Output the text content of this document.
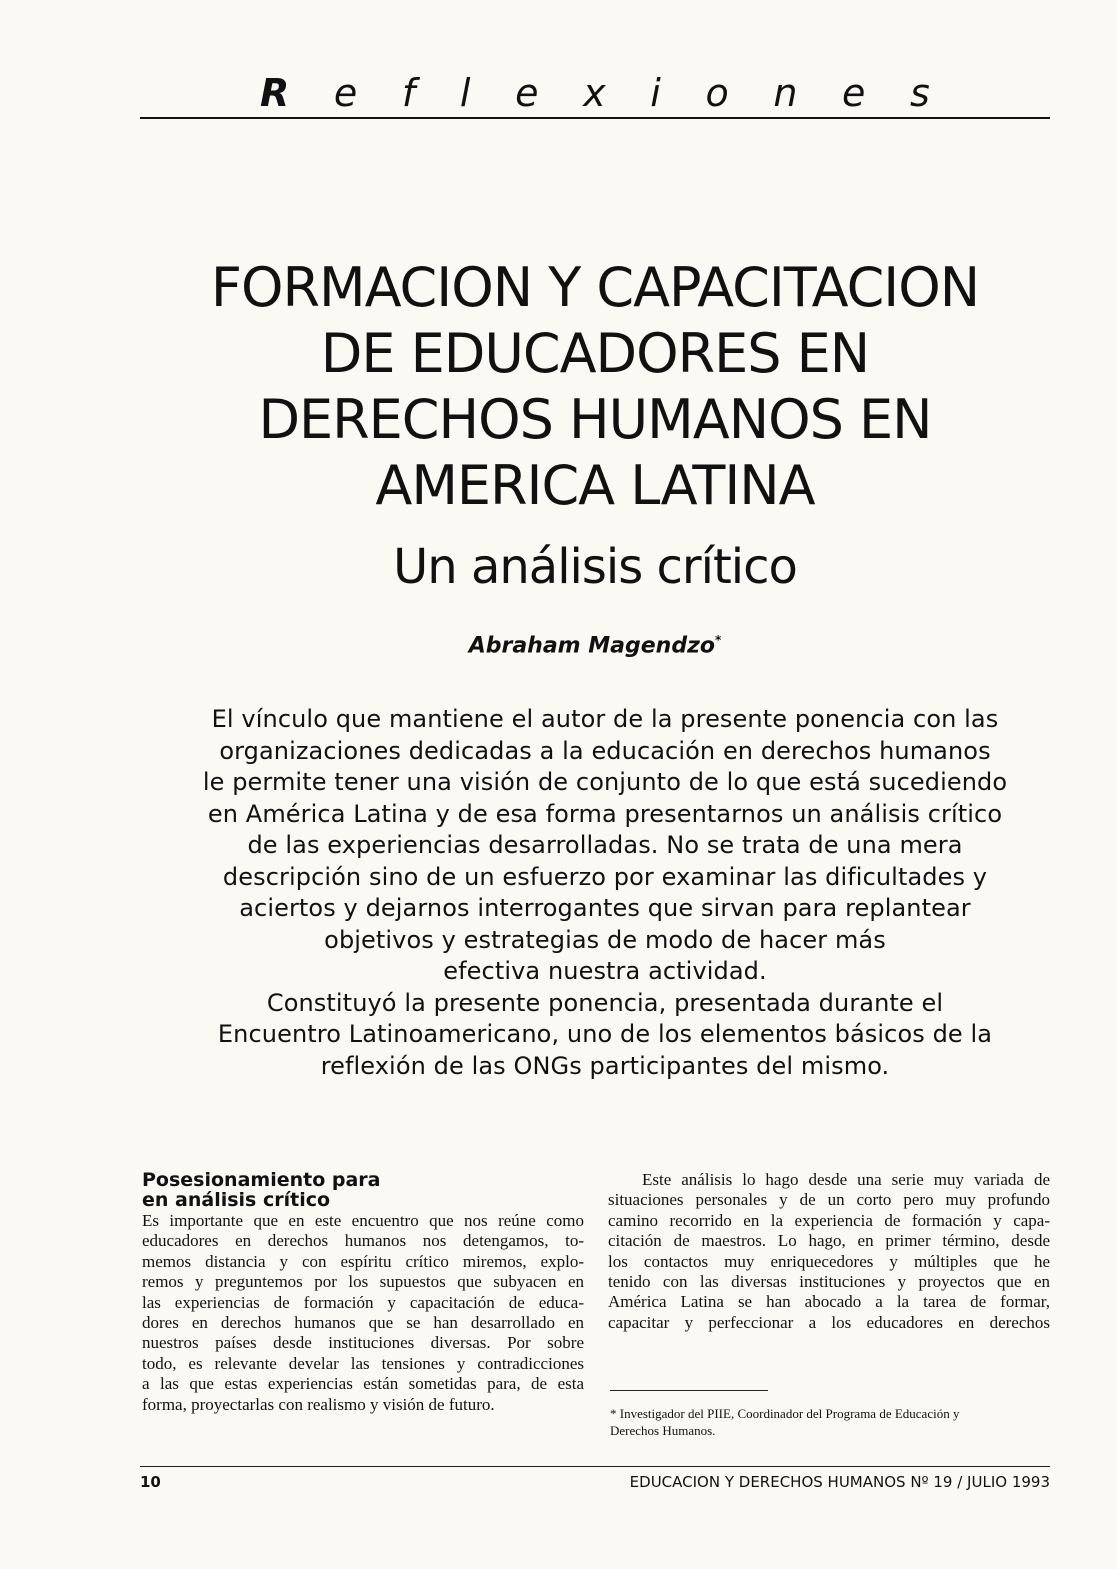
R e f l e x i o n e s
FORMACION Y CAPACITACION
DE EDUCADORES EN
DERECHOS HUMANOS EN
AMERICA LATINA
Un análisis crítico
Abraham Magendzo*
El vínculo que mantiene el autor de la presente ponencia con las
organizaciones dedicadas a la educación en derechos humanos
le permite tener una visión de conjunto de lo que está sucediendo
en América Latina y de esa forma presentarnos un análisis crítico
de las experiencias desarrolladas. No se trata de una mera
descripción sino de un esfuerzo por examinar las dificultades y
aciertos y dejarnos interrogantes que sirvan para replantear
objetivos y estrategias de modo de hacer más
efectiva nuestra actividad.
Constituyó la presente ponencia, presentada durante el
Encuentro Latinoamericano, uno de los elementos básicos de la
reflexión de las ONGs participantes del mismo.
Posesionamiento para
en análisis crítico
Es importante que en este encuentro que nos reúne como
educadores en derechos humanos nos detengamos, to-
memos distancia y con espíritu crítico miremos, explo-
remos y preguntemos por los supuestos que subyacen en
las experiencias de formación y capacitación de educa-
dores en derechos humanos que se han desarrollado en
nuestros países desde instituciones diversas. Por sobre
todo, es relevante develar las tensiones y contradicciones
a las que estas experiencias están sometidas para, de esta
forma, proyectarlas con realismo y visión de futuro.
Este análisis lo hago desde una serie muy variada de
situaciones personales y de un corto pero muy profundo
camino recorrido en la experiencia de formación y capa-
citación de maestros. Lo hago, en primer término, desde
los contactos muy enriquecedores y múltiples que he
tenido con las diversas instituciones y proyectos que en
América Latina se han abocado a la tarea de formar,
capacitar y perfeccionar a los educadores en derechos
* Investigador del PIIE, Coordinador del Programa de Educación y
Derechos Humanos.
10	EDUCACION Y DERECHOS HUMANOS Nº 19 / JULIO 1993
